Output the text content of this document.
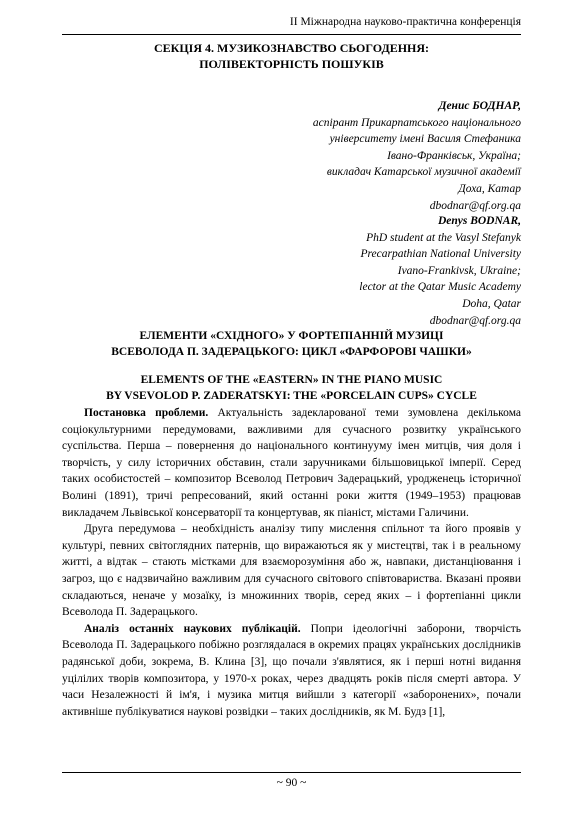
ІІ Міжнародна науково-практична конференція
СЕКЦІЯ 4. МУЗИКОЗНАВСТВО СЬОГОДЕННЯ:
ПОЛІВЕКТОРНІСТЬ ПОШУКІВ
Денис БОДНАР,
аспірант Прикарпатського національного
університету імені Василя Стефаника
Івано-Франківськ, Україна;
викладач Катарської музичної академії
Доха, Катар
dbodnar@qf.org.qa
Denys BODNAR,
PhD student at the Vasyl Stefanyk
Precarpathian National University
Ivano-Frankivsk, Ukraine;
lector at the Qatar Music Academy
Doha, Qatar
dbodnar@qf.org.qa
ЕЛЕМЕНТИ «СХІДНОГО» У ФОРТЕПІАННІЙ МУЗИЦІ
ВСЕВОЛОДА П. ЗАДЕРАЦЬКОГО: ЦИКЛ «ФАРФОРОВІ ЧАШКИ»
ELEMENTS OF THE «EASTERN» IN THE PIANO MUSIC
BY VSEVOLOD P. ZADERATSKYI: THE «PORCELAIN CUPS» CYCLE

Постановка проблеми. Актуальність задекларованої теми зумовлена декількома соціокультурними передумовами, важливими для сучасного розвитку українського суспільства. Перша – повернення до національного континууму імен митців, чия доля і творчість, у силу історичних обставин, стали заручниками більшовицької імперії. Серед таких особистостей – композитор Всеволод Петрович Задерацький, уродженець історичної Волині (1891), тричі репресований, який останні роки життя (1949–1953) працював викладачем Львівської консерваторії та концертував, як піаніст, містами Галичини.

Друга передумова – необхідність аналізу типу мислення спільнот та його проявів у культурі, певних світоглядних патернів, що виражаються як у мистецтві, так і в реальному житті, а відтак – стають містками для взаєморозуміння або ж, навпаки, дистанціювання і загроз, що є надзвичайно важливим для сучасного світового співтовариства. Вказані прояви складаються, неначе у мозаїку, із множинних творів, серед яких – і фортепіанні цикли Всеволода П. Задерацького.

Аналіз останніх наукових публікацій. Попри ідеологічні заборони, творчість Всеволода П. Задерацького побіжно розглядалася в окремих працях українських дослідників радянської доби, зокрема, В. Клина [3], що почали з'являтися, як і перші нотні видання уцілілих творів композитора, у 1970-х роках, через двадцять років після смерті автора. У часи Незалежності й ім'я, і музика митця вийшли з категорії «заборонених», почали активніше публікуватися наукові розвідки – таких дослідників, як М. Будз [1],

~ 90 ~
